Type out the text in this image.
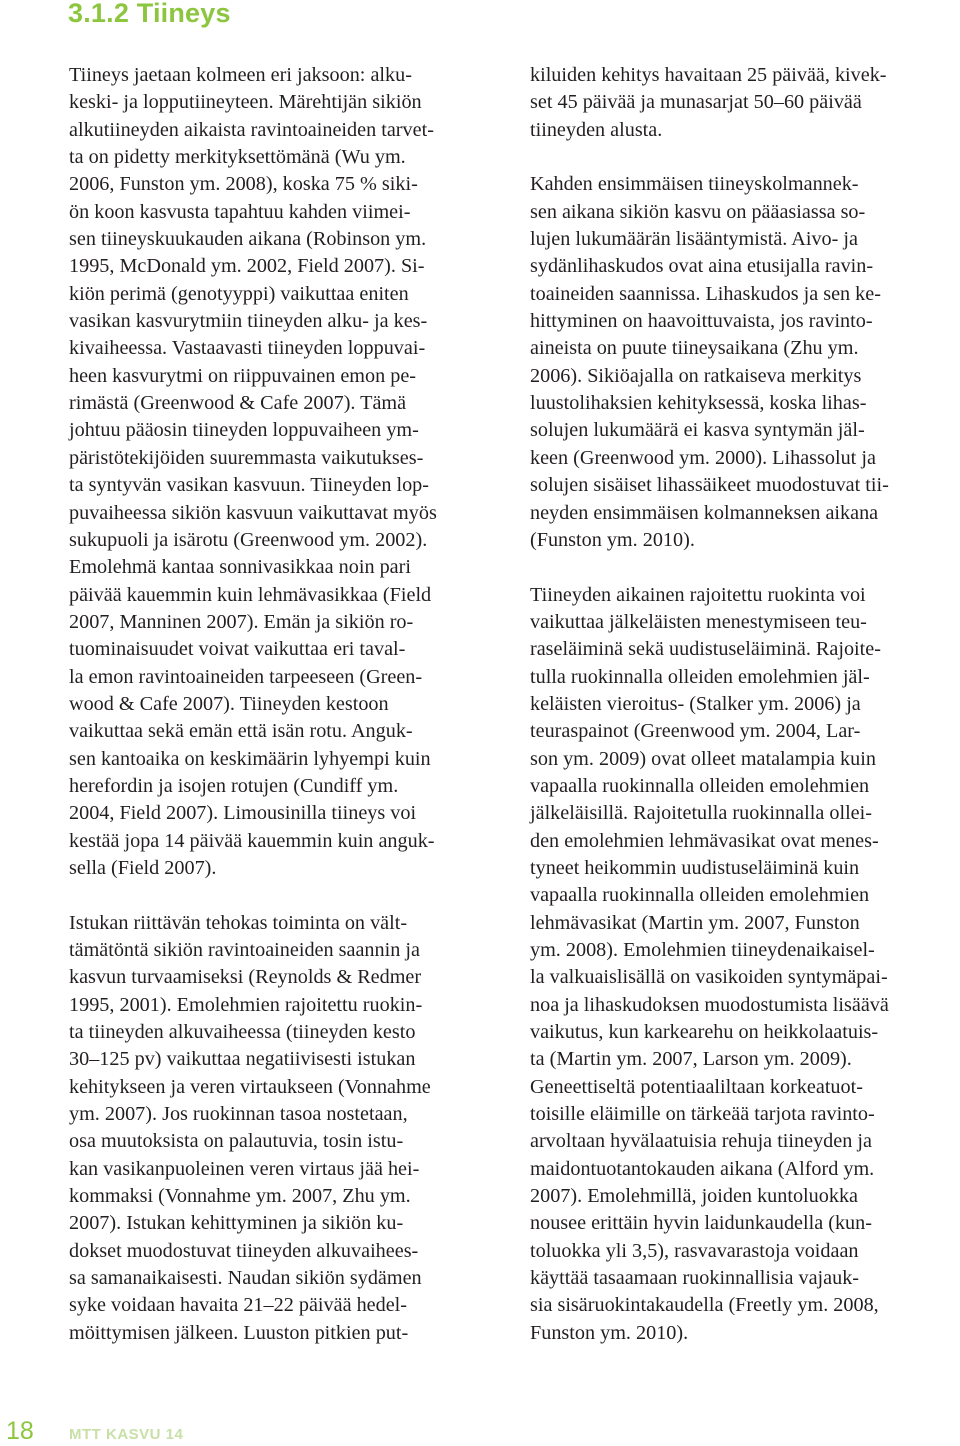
3.1.2 Tiineys
Tiineys jaetaan kolmeen eri jaksoon: alku-
keski- ja lopputiineyteen. Märehtijän sikiön
alkutiineyden aikaista ravintoaineiden tarvet-
ta on pidetty merkityksettömänä (Wu ym.
2006, Funston ym. 2008), koska 75 % siki-
ön koon kasvusta tapahtuu kahden viimei-
sen tiineyskuukauden aikana (Robinson ym.
1995, McDonald ym. 2002, Field 2007). Si-
kiön perimä (genotyyppi) vaikuttaa eniten
vasikan kasvurytmiin tiineyden alku- ja kes-
kivaiheessa. Vastaavasti tiineyden loppuvai-
heen kasvurytmi on riippuvainen emon pe-
rimästä (Greenwood & Cafe 2007). Tämä
johtuu pääosin tiineyden loppuvaiheen ym-
päristötekijöiden suuremmasta vaikutukses-
ta syntyvän vasikan kasvuun. Tiineyden lop-
puvaiheessa sikiön kasvuun vaikuttavat myös
sukupuoli ja isärotu (Greenwood ym. 2002).
Emolehmä kantaa sonnivasikkaa noin pari
päivää kauemmin kuin lehmävasikkaa (Field
2007, Manninen 2007). Emän ja sikiön ro-
tuominaisuudet voivat vaikuttaa eri taval-
la emon ravintoaineiden tarpeeseen (Green-
wood & Cafe 2007). Tiineyden kestoon
vaikuttaa sekä emän että isän rotu. Anguk-
sen kantoaika on keskimäärin lyhyempi kuin
herefordin ja isojen rotujen (Cundiff ym.
2004, Field 2007). Limousinilla tiineys voi
kestää jopa 14 päivää kauemmin kuin anguk-
sella (Field 2007).
Istukan riittävän tehokas toiminta on vält-
tämätöntä sikiön ravintoaineiden saannin ja
kasvun turvaamiseksi (Reynolds & Redmer
1995, 2001). Emolehmien rajoitettu ruokin-
ta tiineyden alkuvaiheessa (tiineyden kesto
30–125 pv) vaikuttaa negatiivisesti istukan
kehitykseen ja veren virtaukseen (Vonnahme
ym. 2007). Jos ruokinnan tasoa nostetaan,
osa muutoksista on palautuvia, tosin istu-
kan vasikanpuoleinen veren virtaus jää hei-
kommaksi (Vonnahme ym. 2007, Zhu ym.
2007). Istukan kehittyminen ja sikiön ku-
dokset muodostuvat tiineyden alkuvaihees-
sa samanaikaisesti. Naudan sikiön sydämen
syke voidaan havaita 21–22 päivää hedel-
möittymisen jälkeen. Luuston pitkien put-
kiluiden kehitys havaitaan 25 päivää, kivek-
set 45 päivää ja munasarjat 50–60 päivää
tiineyden alusta.
Kahden ensimmäisen tiineyskolmannek-
sen aikana sikiön kasvu on pääasiassa so-
lujen lukumäärän lisääntymistä. Aivo- ja
sydänlihaskudos ovat aina etusijalla ravin-
toaineiden saannissa. Lihaskudos ja sen ke-
hittyminen on haavoittuvaista, jos ravinto-
aineista on puute tiineysaikana (Zhu ym.
2006). Sikiöajalla on ratkaiseva merkitys
luustolihaksien kehityksessä, koska lihas-
solujen lukumäärä ei kasva syntymän jäl-
keen (Greenwood ym. 2000). Lihassolut ja
solujen sisäiset lihassäikeet muodostuvat tii-
neyden ensimmäisen kolmanneksen aikana
(Funston ym. 2010).
Tiineyden aikainen rajoitettu ruokinta voi
vaikuttaa jälkeläisten menestymiseen teu-
raseläiminä sekä uudistuseläiminä. Rajoite-
tulla ruokinnalla olleiden emolehmien jäl-
keläisten vieroitus- (Stalker ym. 2006) ja
teuraspainot (Greenwood ym. 2004, Lar-
son ym. 2009) ovat olleet matalampia kuin
vapaalla ruokinnalla olleiden emolehmien
jälkeläisillä. Rajoitetulla ruokinnalla ollei-
den emolehmien lehmävasikat ovat menes-
tyneet heikommin uudistuseläiminä kuin
vapaalla ruokinnalla olleiden emolehmien
lehmävasikat (Martin ym. 2007, Funston
ym. 2008). Emolehmien tiineydenaikaisel-
la valkuaislisällä on vasikoiden syntymäpai-
noa ja lihaskudoksen muodostumista lisäävä
vaikutus, kun karkearehu on heikkolaatuis-
ta (Martin ym. 2007, Larson ym. 2009).
Geneettiseltä potentiaaliltaan korkeatuot-
toisille eläimille on tärkeää tarjota ravinto-
arvoltaan hyvälaatuisia rehuja tiineyden ja
maidontuotantokauden aikana (Alford ym.
2007). Emolehmillä, joiden kuntoluokka
nousee erittäin hyvin laidunkaudella (kun-
toluokka yli 3,5), rasvavarastoja voidaan
käyttää tasaamaan ruokinnallisia vajauk-
sia sisäruokintakaudella (Freetly ym. 2008,
Funston ym. 2010).
18 MTT KASVU 14
